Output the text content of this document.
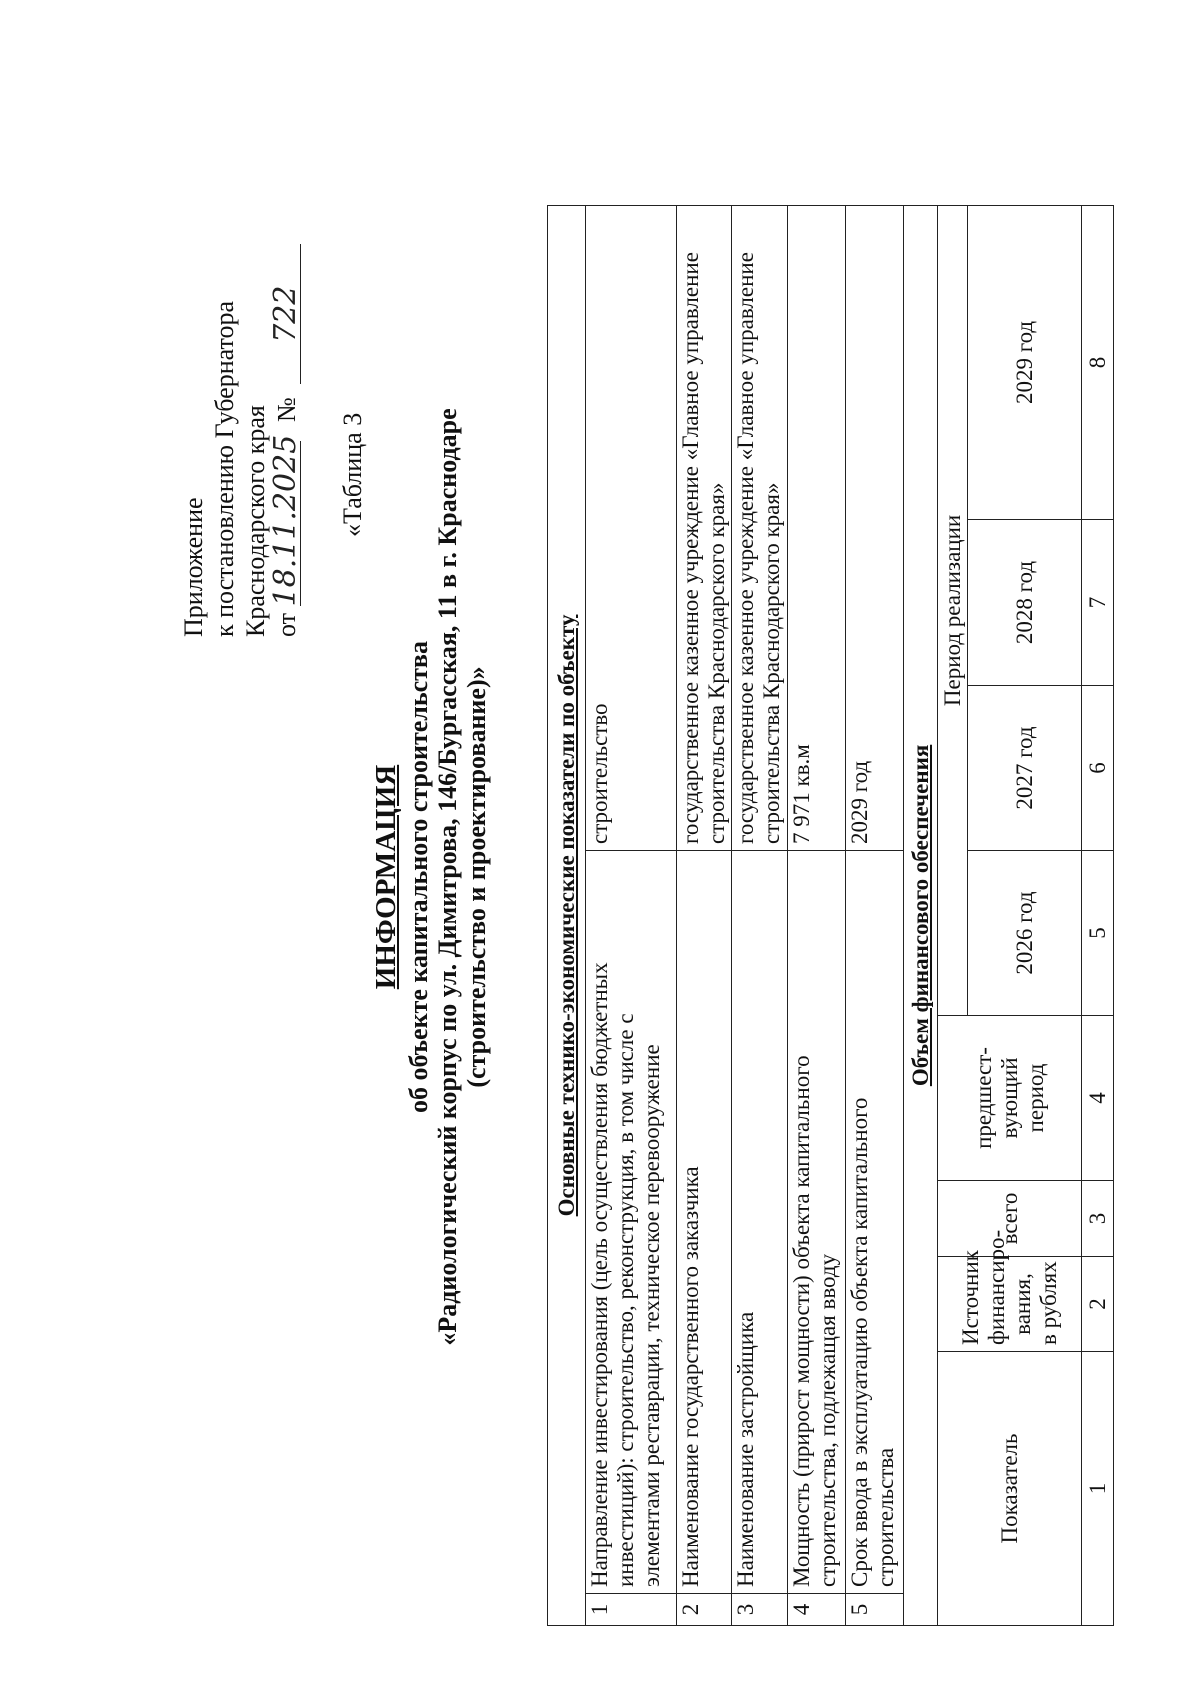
Приложение к постановлению Губернатора Краснодарского края от 18.11.2025   №  722
«Таблица 3
ИНФОРМАЦИЯ об объекте капитального строительства «Радиологический корпус по ул. Димитрова, 146/Бургасская, 11 в г. Краснодаре (строительство и проектирование)»	Основные технико-экономические показатели по объекту								
1	Направление инвестирования (цель осуществления бюджетных инвестиций): строительство, реконструкция, в том числе с элементами реставрации, техническое перевооружение					строительство		

2	Наименование государственного заказчика					государственное казенное учреждение «Главное управление строительства Краснодарского края»		

3	Наименование застройщика					государственное казенное учреждение «Главное управление строительства Краснодарского края»		

4	Мощность (прирост мощности) объекта капитального строительства, подлежащая вводу					7 971 кв.м		

5	Срок ввода в эксплуатацию объекта капитального строительства					2029 год		

Объем финансового обеспечения								
Показатель		Источник финансиро- вания, в рублях	всего	предшест- вующий период	Период реализации			
					2026 год	2027 год	2028 год	2029 год
1		2	3	4	5	6	7	8
